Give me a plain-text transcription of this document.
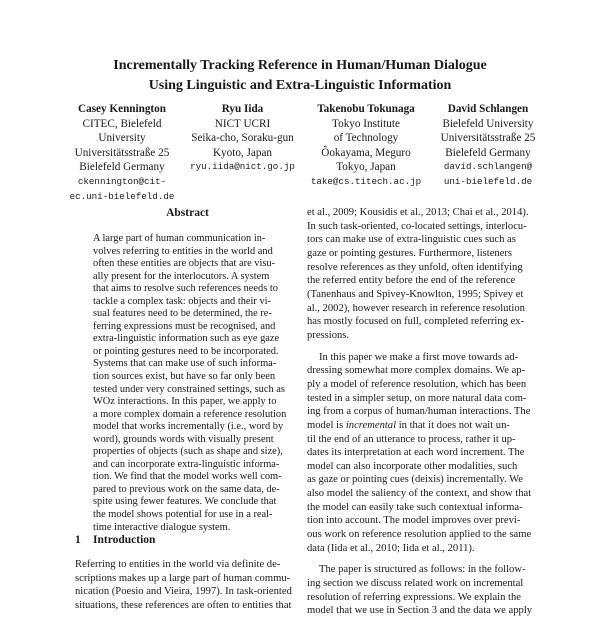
Incrementally Tracking Reference in Human/Human Dialogue
Using Linguistic and Extra-Linguistic Information
Casey Kennington
CITEC, Bielefeld University
Universitätsstraße 25
Bielefeld Germany
ckennington@cit-
ec.uni-bielefeld.de
Ryu Iida
NICT UCRI
Seika-cho, Soraku-gun
Kyoto, Japan
ryu.iida@nict.go.jp
Takenobu Tokunaga
Tokyo Institute
of Technology
Ôokayama, Meguro
Tokyo, Japan
take@cs.titech.ac.jp
David Schlangen
Bielefeld University
Universitätsstraße 25
Bielefeld Germany
david.schlangen@
uni-bielefeld.de
Abstract
A large part of human communication in-
volves referring to entities in the world and
often these entities are objects that are visu-
ally present for the interlocutors. A system
that aims to resolve such references needs to
tackle a complex task: objects and their vi-
sual features need to be determined, the re-
ferring expressions must be recognised, and
extra-linguistic information such as eye gaze
or pointing gestures need to be incorporated.
Systems that can make use of such informa-
tion sources exist, but have so far only been
tested under very constrained settings, such as
WOz interactions. In this paper, we apply to
a more complex domain a reference resolution
model that works incrementally (i.e., word by
word), grounds words with visually present
properties of objects (such as shape and size),
and can incorporate extra-linguistic informa-
tion. We find that the model works well com-
pared to previous work on the same data, de-
spite using fewer features. We conclude that
the model shows potential for use in a real-
time interactive dialogue system.
1 Introduction
Referring to entities in the world via definite de-
scriptions makes up a large part of human commu-
nication (Poesio and Vieira, 1997). In task-oriented
situations, these references are often to entities that
et al., 2009; Kousidis et al., 2013; Chai et al., 2014).
In such task-oriented, co-located settings, interlocu-
tors can make use of extra-linguistic cues such as
gaze or pointing gestures. Furthermore, listeners
resolve references as they unfold, often identifying
the referred entity before the end of the reference
(Tanenhaus and Spivey-Knowlton, 1995; Spivey et
al., 2002), however research in reference resolution
has mostly focused on full, completed referring ex-
pressions.
In this paper we make a first move towards ad-
dressing somewhat more complex domains. We ap-
ply a model of reference resolution, which has been
tested in a simpler setup, on more natural data com-
ing from a corpus of human/human interactions. The
model is incremental in that it does not wait un-
til the end of an utterance to process, rather it up-
dates its interpretation at each word increment. The
model can also incorporate other modalities, such
as gaze or pointing cues (deixis) incrementally. We
also model the saliency of the context, and show that
the model can easily take such contextual informa-
tion into account. The model improves over previ-
ous work on reference resolution applied to the same
data (Iida et al., 2010; Iida et al., 2011).
The paper is structured as follows: in the follow-
ing section we discuss related work on incremental
resolution of referring expressions. We explain the
model that we use in Section 3 and the data we apply
